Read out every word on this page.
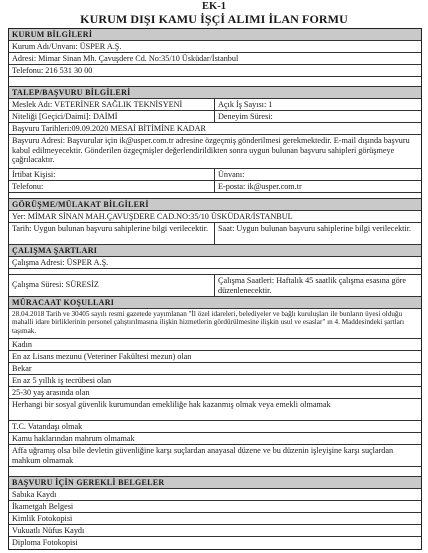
EK-1
KURUM DIŞI KAMU İŞÇİ ALIMI İLAN FORMU
KURUM BİLGİLERİ
Kurum Adı/Unvanı: ÜSPER A.Ş.
Adresi: Mimar Sinan Mh. Çavuşdere Cd. No:35/10 Üsküdar/İstanbul
Telefonu: 216 531 30 00
TALEP/BAŞVURU BİLGİLERİ
Meslek Adı: VETERİNER SAĞLIK TEKNİSYENİ	Açık İş Sayısı: 1
Niteliği [Geçici/Daimi]: DAİMİ	Deneyim Süresi:
Başvuru Tarihleri:09.09.2020 MESAİ BİTİMİNE KADAR
Başvuru Adresi: Başvurular için ik@usper.com.tr adresine özgeçmiş gönderilmesi gerekmektedir. E-mail dışında başvuru kabul edilmeyecektir. Gönderilen özgeçmişler değerlendirildikten sonra uygun bulunan başvuru sahipleri görüşmeye çağrılacaktır.
İrtibat Kişisi:	Ünvanı:
Telefonu:	E-posta: ik@usper.com.tr
GÖRÜŞME/MÜLAKAT BİLGİLERİ
Yer: MİMAR SİNAN MAH.ÇAVUŞDERE CAD.NO:35/10 ÜSKÜDAR/İSTANBUL
Tarih: Uygun bulunan başvuru sahiplerine bilgi verilecektir.	Saat: Uygun bulunan başvuru sahiplerine bilgi verilecektir.
ÇALIŞMA ŞARTLARI
Çalışma Adresi: ÜSPER A.Ş.
Çalışma Süresi: SÜRESİZ	Çalışma Saatleri: Haftalık 45 saatlik çalışma esasına göre düzenlenecektir.
MÜRACAAT KOŞULLARI
28.04.2018 Tarih ve 30405 sayılı resmi gazetede yayımlanan "İl özel idareleri, belediyeler ve bağlı kuruluşları ile bunların üyesi olduğu mahalli idare birliklerinin personel çalıştırılmasına ilişkin hizmetlerin gördürülmesine ilişkin usul ve esaslar" ın 4. Maddesindeki şartları taşımak.
Kadın
En az Lisans mezunu (Veteriner Fakültesi mezun) olan
Bekar
En az 5 yıllık iş tecrübesi olan
25-30 yaş arasında olan
Herhangi bir sosyal güvenlik kurumundan emekliliğe hak kazanmış olmak veya emekli olmamak
T.C. Vatandaşı olmak
Kamu haklarından mahrum olmamak
Affa uğramış olsa bile devletin güvenliğine karşı suçlardan anayasal düzene ve bu düzenin işleyişine karşı suçlardan mahkum olmamak
BAŞVURU İÇİN GEREKLİ BELGELER
Sabıka Kaydı
İkametgah Belgesi
Kimlik Fotokopisi
Vukuatlı Nüfus Kaydı
Diploma Fotokopisi
